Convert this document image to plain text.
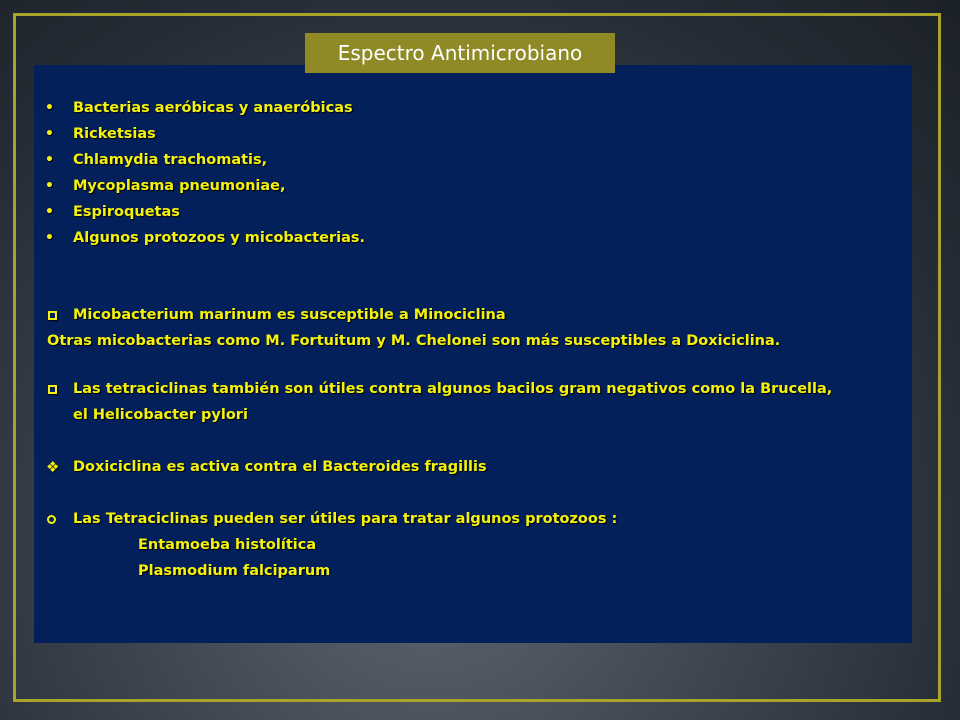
Espectro Antimicrobiano
• Bacterias aeróbicas y anaeróbicas
• Ricketsias
• Chlamydia trachomatis,
• Mycoplasma pneumoniae,
• Espiroquetas
• Algunos protozoos y micobacterias.
Micobacterium marinum es susceptible a Minociclina
Otras micobacterias como M. Fortuitum y M. Chelonei son más susceptibles a Doxiciclina.
Las tetraciclinas también son útiles contra algunos bacilos gram negativos como la Brucella,
el Helicobacter pylori
❖ Doxiciclina es activa contra el Bacteroides fragillis
Las Tetraciclinas pueden ser útiles para tratar algunos protozoos :
Entamoeba histolítica
Plasmodium falciparum
